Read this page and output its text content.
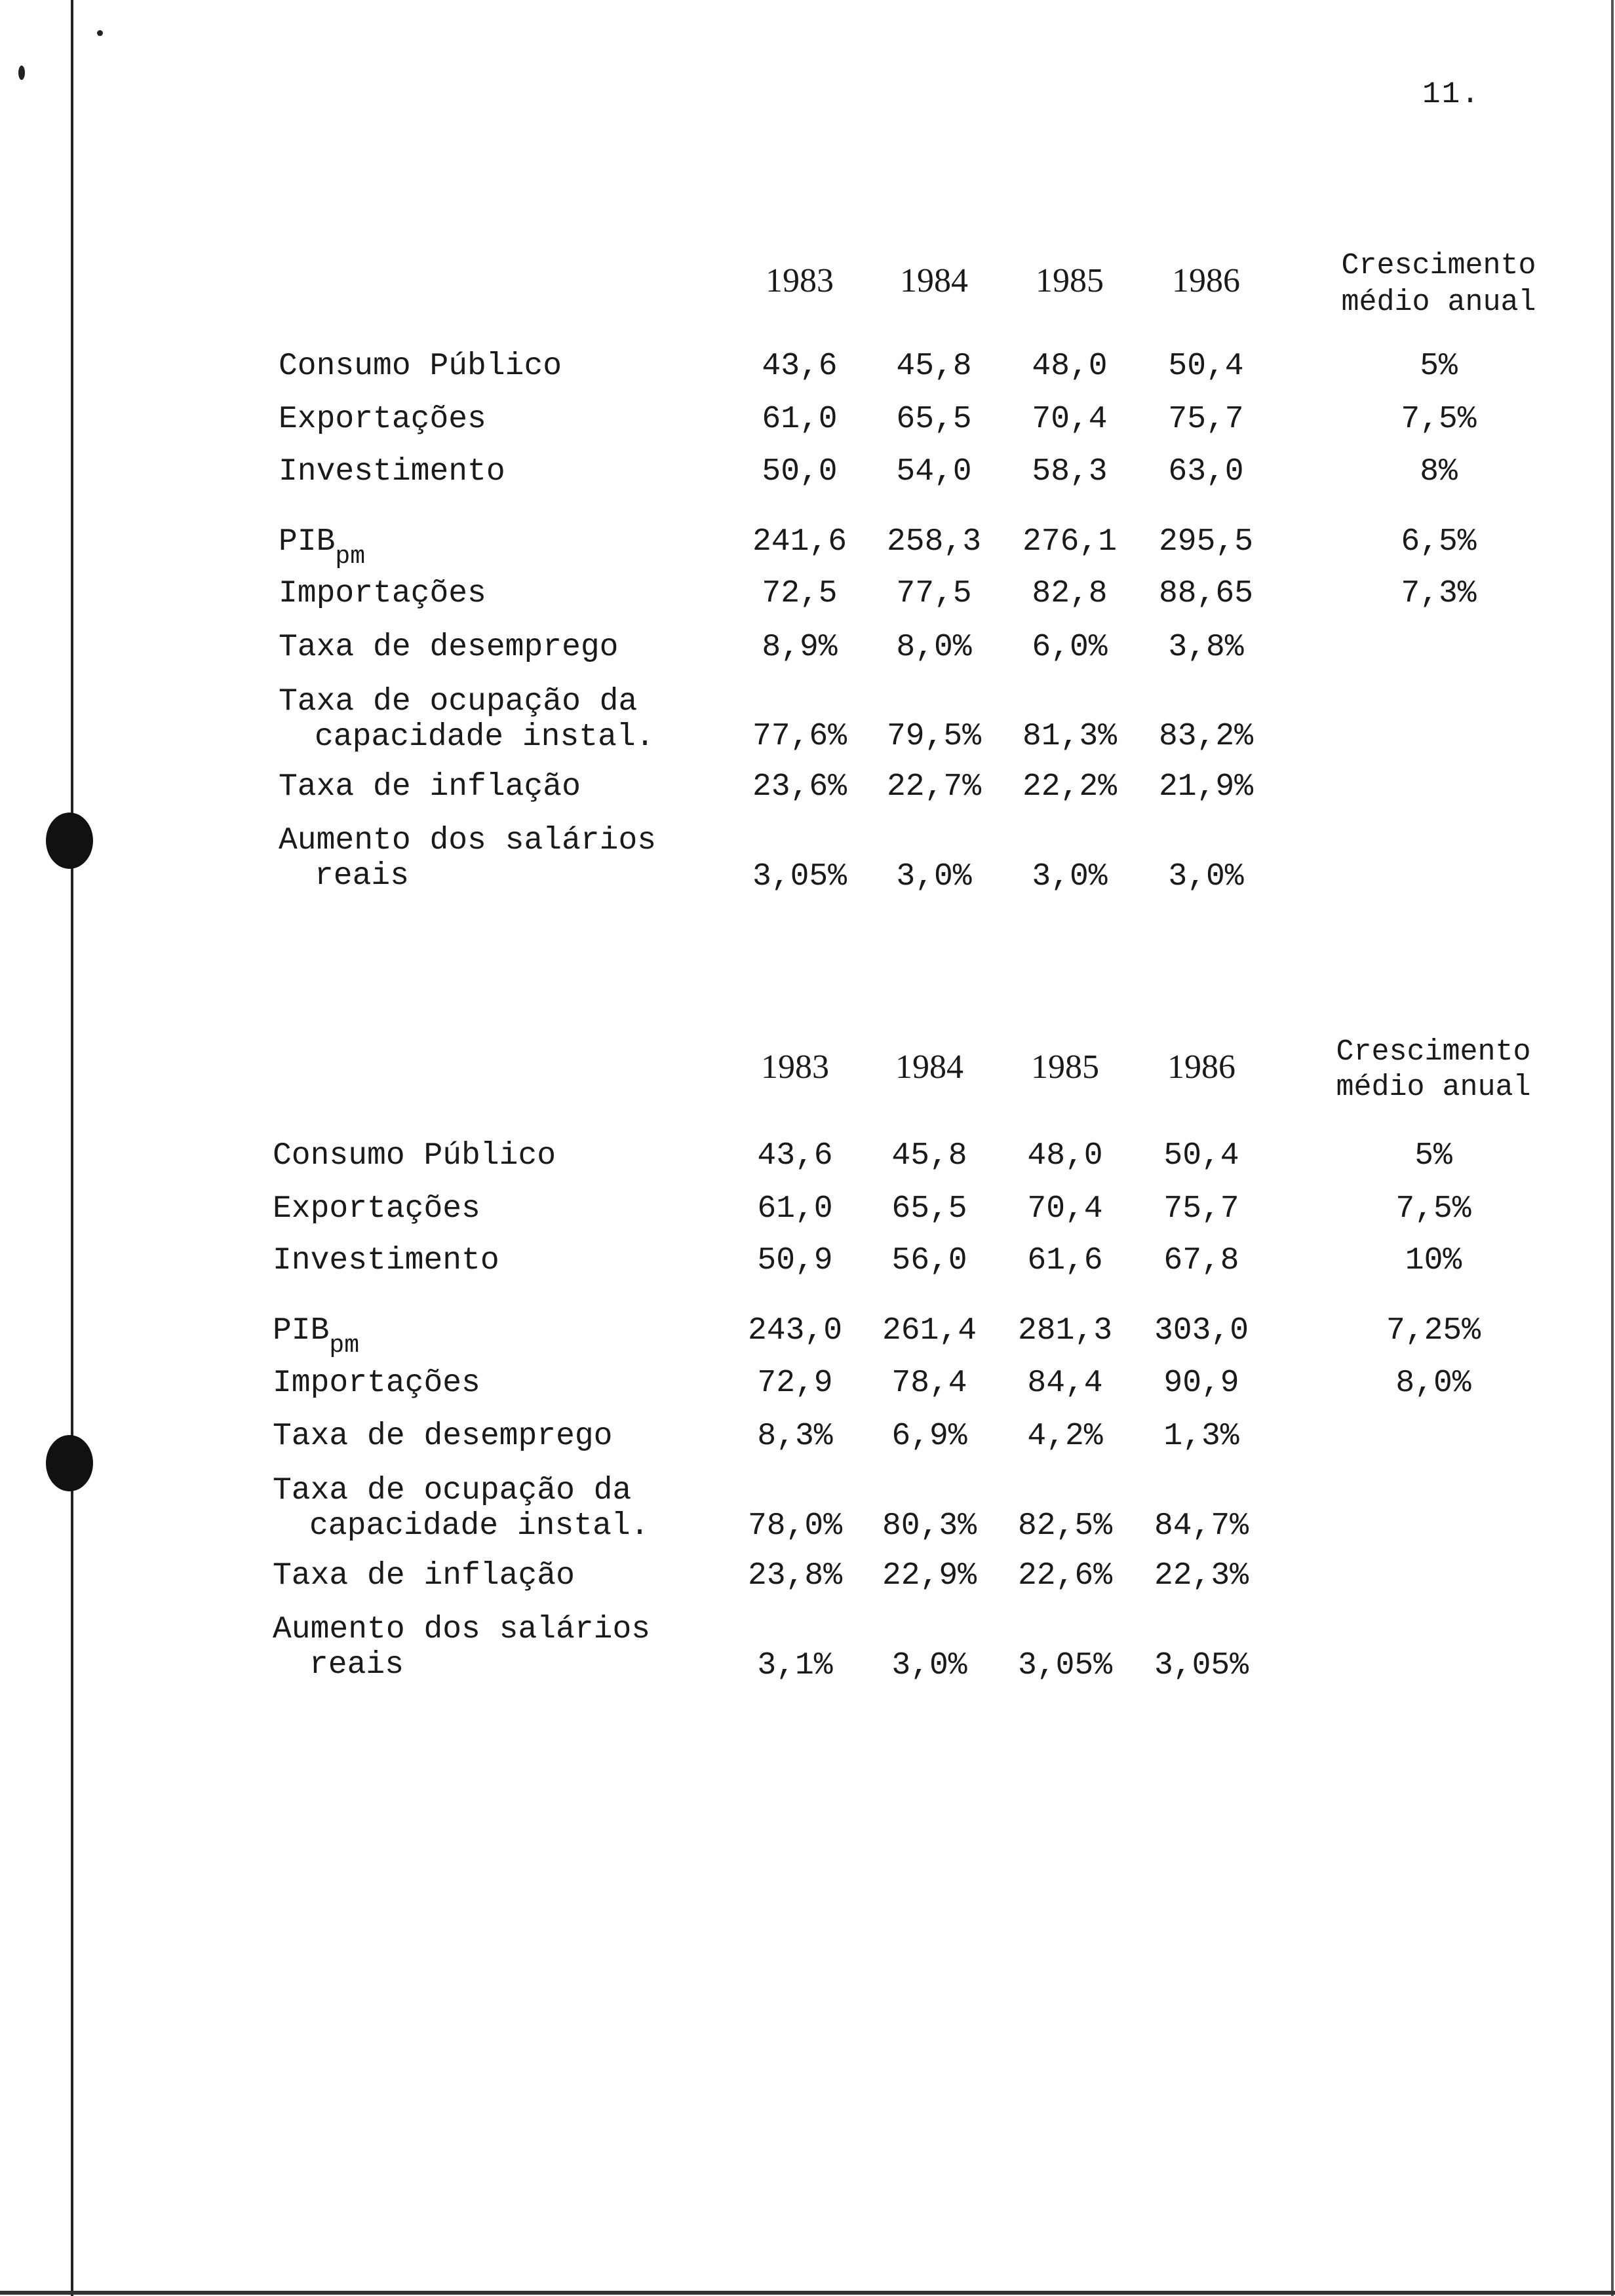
11.
1983 1984 1985 1986	Crescimento
médio anual
Consumo Público	43,6 45,8 48,0 50,4	5%
Exportações	61,0 65,5 70,4 75,7	7,5%
Investimento	50,0 54,0 58,3 63,0	8%
$PIB_{pm}$	241,6 258,3 276,1 295,5	6,5%
Importações	72,5 77,5 82,8 88,65	7,3%
Taxa de desemprego	8,9% 8,0% 6,0% 3,8%
Taxa de ocupação da
capacidade instal.	77,6% 79,5% 81,3% 83,2%
Taxa de inflação	23,6% 22,7% 22,2% 21,9%
Aumento dos salários
reais	3,05% 3,0% 3,0% 3,0%
1983 1984 1985 1986	Crescimento
médio anual
Consumo Público	43,6 45,8 48,0 50,4	5%
Exportações	61,0 65,5 70,4 75,7	7,5%
Investimento	50,9 56,0 61,6 67,8	10%
$PIB_{pm}$	243,0 261,4 281,3 303,0	7,25%
Importações	72,9 78,4 84,4 90,9	8,0%
Taxa de desemprego	8,3% 6,9% 4,2% 1,3%
Taxa de ocupação da
capacidade instal.	78,0% 80,3% 82,5% 84,7%
Taxa de inflação	23,8% 22,9% 22,6% 22,3%
Aumento dos salários
reais	3,1% 3,0% 3,05% 3,05%
